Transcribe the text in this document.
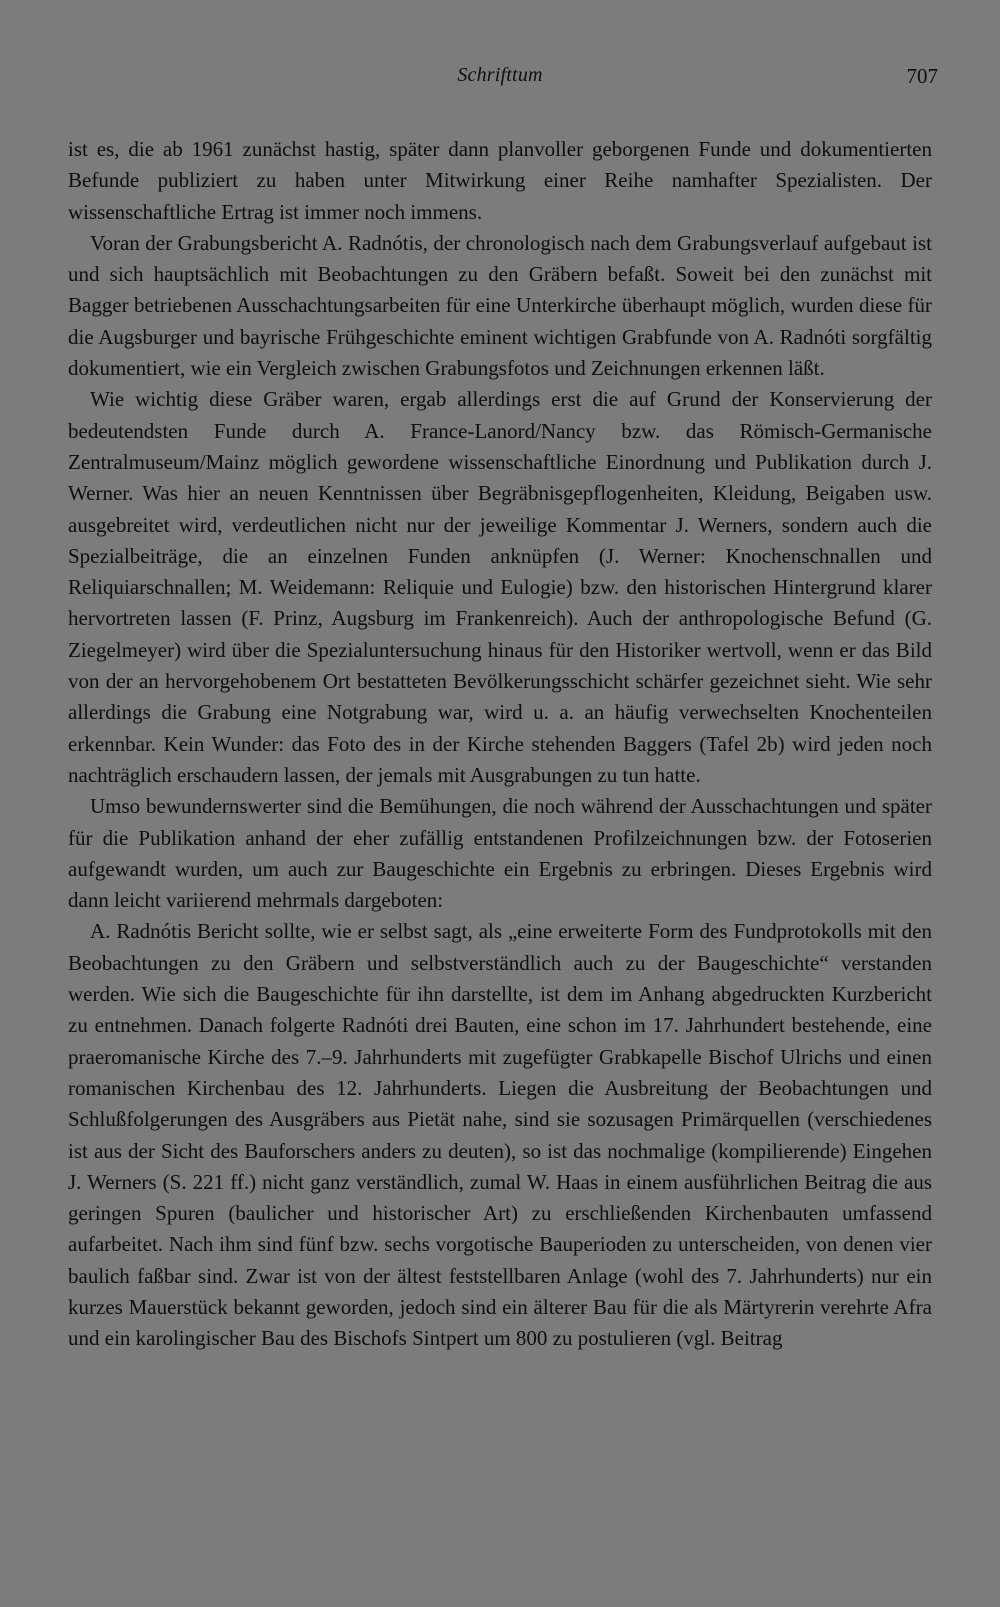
Schrifttum	707

ist es, die ab 1961 zunächst hastig, später dann planvoller geborgenen Funde und dokumentierten Befunde publiziert zu haben unter Mitwirkung einer Reihe namhafter Spezialisten. Der wissenschaftliche Ertrag ist immer noch immens.

Voran der Grabungsbericht A. Radnótis, der chronologisch nach dem Grabungsverlauf aufgebaut ist und sich hauptsächlich mit Beobachtungen zu den Gräbern befaßt. Soweit bei den zunächst mit Bagger betriebenen Ausschachtungsarbeiten für eine Unterkirche überhaupt möglich, wurden diese für die Augsburger und bayrische Frühgeschichte eminent wichtigen Grabfunde von A. Radnóti sorgfältig dokumentiert, wie ein Vergleich zwischen Grabungsfotos und Zeichnungen erkennen läßt.

Wie wichtig diese Gräber waren, ergab allerdings erst die auf Grund der Konservierung der bedeutendsten Funde durch A. France-Lanord/Nancy bzw. das Römisch-Germanische Zentralmuseum/Mainz möglich gewordene wissenschaftliche Einordnung und Publikation durch J. Werner. Was hier an neuen Kenntnissen über Begräbnisgepflogenheiten, Kleidung, Beigaben usw. ausgebreitet wird, verdeutlichen nicht nur der jeweilige Kommentar J. Werners, sondern auch die Spezialbeiträge, die an einzelnen Funden anknüpfen (J. Werner: Knochenschnallen und Reliquiarschnallen; M. Weidemann: Reliquie und Eulogie) bzw. den historischen Hintergrund klarer hervortreten lassen (F. Prinz, Augsburg im Frankenreich). Auch der anthropologische Befund (G. Ziegelmeyer) wird über die Spezialuntersuchung hinaus für den Historiker wertvoll, wenn er das Bild von der an hervorgehobenem Ort bestatteten Bevölkerungsschicht schärfer gezeichnet sieht. Wie sehr allerdings die Grabung eine Notgrabung war, wird u. a. an häufig verwechselten Knochenteilen erkennbar. Kein Wunder: das Foto des in der Kirche stehenden Baggers (Tafel 2b) wird jeden noch nachträglich erschaudern lassen, der jemals mit Ausgrabungen zu tun hatte.

Umso bewundernswerter sind die Bemühungen, die noch während der Ausschachtungen und später für die Publikation anhand der eher zufällig entstandenen Profilzeichnungen bzw. der Fotoserien aufgewandt wurden, um auch zur Baugeschichte ein Ergebnis zu erbringen. Dieses Ergebnis wird dann leicht variierend mehrmals dargeboten:

A. Radnótis Bericht sollte, wie er selbst sagt, als „eine erweiterte Form des Fundprotokolls mit den Beobachtungen zu den Gräbern und selbstverständlich auch zu der Baugeschichte“ verstanden werden. Wie sich die Baugeschichte für ihn darstellte, ist dem im Anhang abgedruckten Kurzbericht zu entnehmen. Danach folgerte Radnóti drei Bauten, eine schon im 17. Jahrhundert bestehende, eine praeromanische Kirche des 7.–9. Jahrhunderts mit zugefügter Grabkapelle Bischof Ulrichs und einen romanischen Kirchenbau des 12. Jahrhunderts. Liegen die Ausbreitung der Beobachtungen und Schlußfolgerungen des Ausgräbers aus Pietät nahe, sind sie sozusagen Primärquellen (verschiedenes ist aus der Sicht des Bauforschers anders zu deuten), so ist das nochmalige (kompilierende) Eingehen J. Werners (S. 221 ff.) nicht ganz verständlich, zumal W. Haas in einem ausführlichen Beitrag die aus geringen Spuren (baulicher und historischer Art) zu erschließenden Kirchenbauten umfassend aufarbeitet. Nach ihm sind fünf bzw. sechs vorgotische Bauperioden zu unterscheiden, von denen vier baulich faßbar sind. Zwar ist von der ältest feststellbaren Anlage (wohl des 7. Jahrhunderts) nur ein kurzes Mauerstück bekannt geworden, jedoch sind ein älterer Bau für die als Märtyrerin verehrte Afra und ein karolingischer Bau des Bischofs Sintpert um 800 zu postulieren (vgl. Beitrag
